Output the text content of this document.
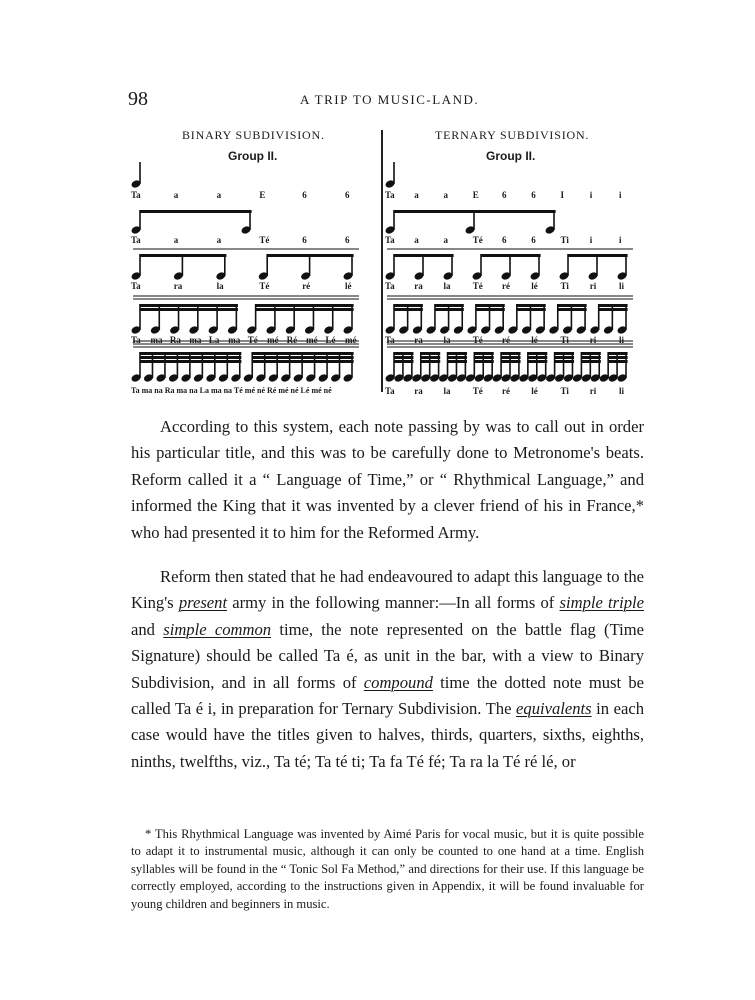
98	A TRIP TO MUSIC-LAND.
BINARY SUBDIVISION.
Group II.
TERNARY SUBDIVISION.
Group II.
Ta	a	a	E	6	6
Ta	a	a	Té	6	6
Ta	ra	la	Té	ré	lé
Ta ma Ra ma La ma Té mé Ré mé Lé mé
Ta ma na Ra ma na La ma na Té mé né Ré mé né Lé mé né
Ta a	a	E	6	6	I	i	i
Ta a	a	Té 6	6	Ti i	i
Ta ra la Té ré lé	Ti ri	li
Ta ra la Té ré lé	Ti ri	li
Ta ra la Té ré lé	Ti ri	li

According to this system, each note passing by was to call out in order his particular title, and this was to be carefully done to Metronome's beats. Reform called it a “ Language of Time,” or “ Rhythmical Language,” and informed the King that it was invented by a clever friend of his in France,* who had presented it to him for the Reformed Army.

Reform then stated that he had endeavoured to adapt this language to the King's present army in the following manner:—In all forms of simple triple and simple common time, the note represented on the battle flag (Time Signature) should be called Ta é, as unit in the bar, with a view to Binary Subdivision, and in all forms of compound time the dotted note must be called Ta é i, in preparation for Ternary Subdivision. The equivalents in each case would have the titles given to halves, thirds, quarters, sixths, eighths, ninths, twelfths, viz., Ta té; Ta té ti; Ta fa Té fé; Ta ra la Té ré lé, or

* This Rhythmical Language was invented by Aimé Paris for vocal music, but it is quite possible to adapt it to instrumental music, although it can only be counted to one hand at a time. English syllables will be found in the “ Tonic Sol Fa Method,” and directions for their use. If this language be correctly employed, according to the instructions given in Appendix, it will be found invaluable for young children and beginners in music.
